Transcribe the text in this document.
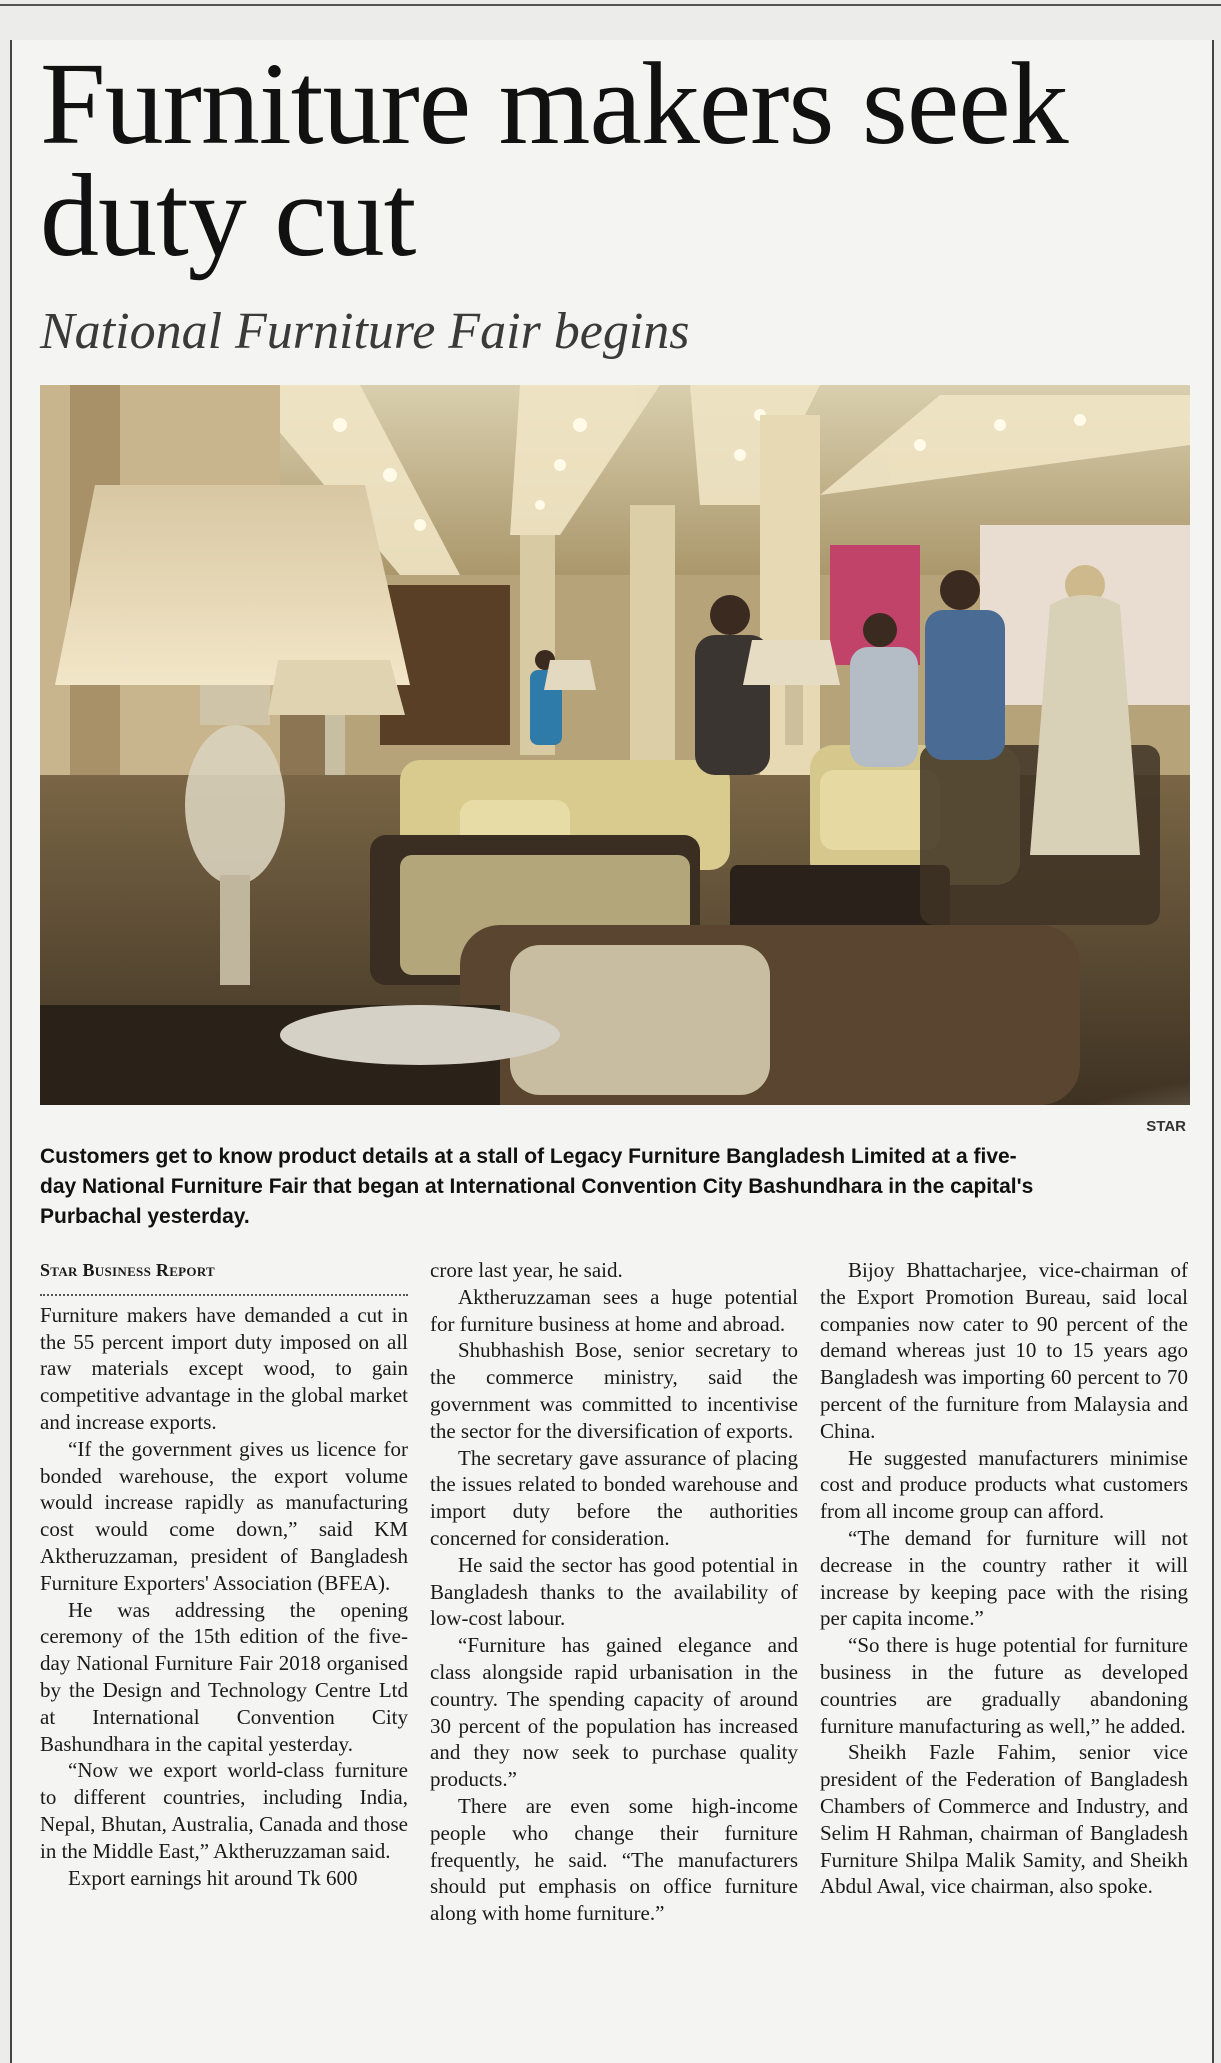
Furniture makers seek duty cut
National Furniture Fair begins
STAR
Customers get to know product details at a stall of Legacy Furniture Bangladesh Limited at a five-day National Furniture Fair that began at International Convention City Bashundhara in the capital's Purbachal yesterday.
Star Business Report

Furniture makers have demanded a cut in the 55 percent import duty imposed on all raw materials except wood, to gain competitive advantage in the global market and increase exports.

“If the government gives us licence for bonded warehouse, the export volume would increase rapidly as manufacturing cost would come down,” said KM Aktheruzzaman, president of Bangladesh Furniture Exporters' Association (BFEA).

He was addressing the opening ceremony of the 15th edition of the five-day National Furniture Fair 2018 organised by the Design and Technology Centre Ltd at International Convention City Bashundhara in the capital yesterday.

“Now we export world-class furniture to different countries, including India, Nepal, Bhutan, Australia, Canada and those in the Middle East,” Aktheruzzaman said.

Export earnings hit around Tk 600

crore last year, he said.

Aktheruzzaman sees a huge potential for furniture business at home and abroad.

Shubhashish Bose, senior secretary to the commerce ministry, said the government was committed to incentivise the sector for the diversification of exports.

The secretary gave assurance of placing the issues related to bonded warehouse and import duty before the authorities concerned for consideration.

He said the sector has good potential in Bangladesh thanks to the availability of low-cost labour.

“Furniture has gained elegance and class alongside rapid urbanisation in the country. The spending capacity of around 30 percent of the population has increased and they now seek to purchase quality products.”

There are even some high-income people who change their furniture frequently, he said. “The manufacturers should put emphasis on office furniture along with home furniture.”

Bijoy Bhattacharjee, vice-chairman of the Export Promotion Bureau, said local companies now cater to 90 percent of the demand whereas just 10 to 15 years ago Bangladesh was importing 60 percent to 70 percent of the furniture from Malaysia and China.

He suggested manufacturers minimise cost and produce products what customers from all income group can afford.

“The demand for furniture will not decrease in the country rather it will increase by keeping pace with the rising per capita income.”

“So there is huge potential for furniture business in the future as developed countries are gradually abandoning furniture manufacturing as well,” he added.

Sheikh Fazle Fahim, senior vice president of the Federation of Bangladesh Chambers of Commerce and Industry, and Selim H Rahman, chairman of Bangladesh Furniture Shilpa Malik Samity, and Sheikh Abdul Awal, vice chairman, also spoke.
